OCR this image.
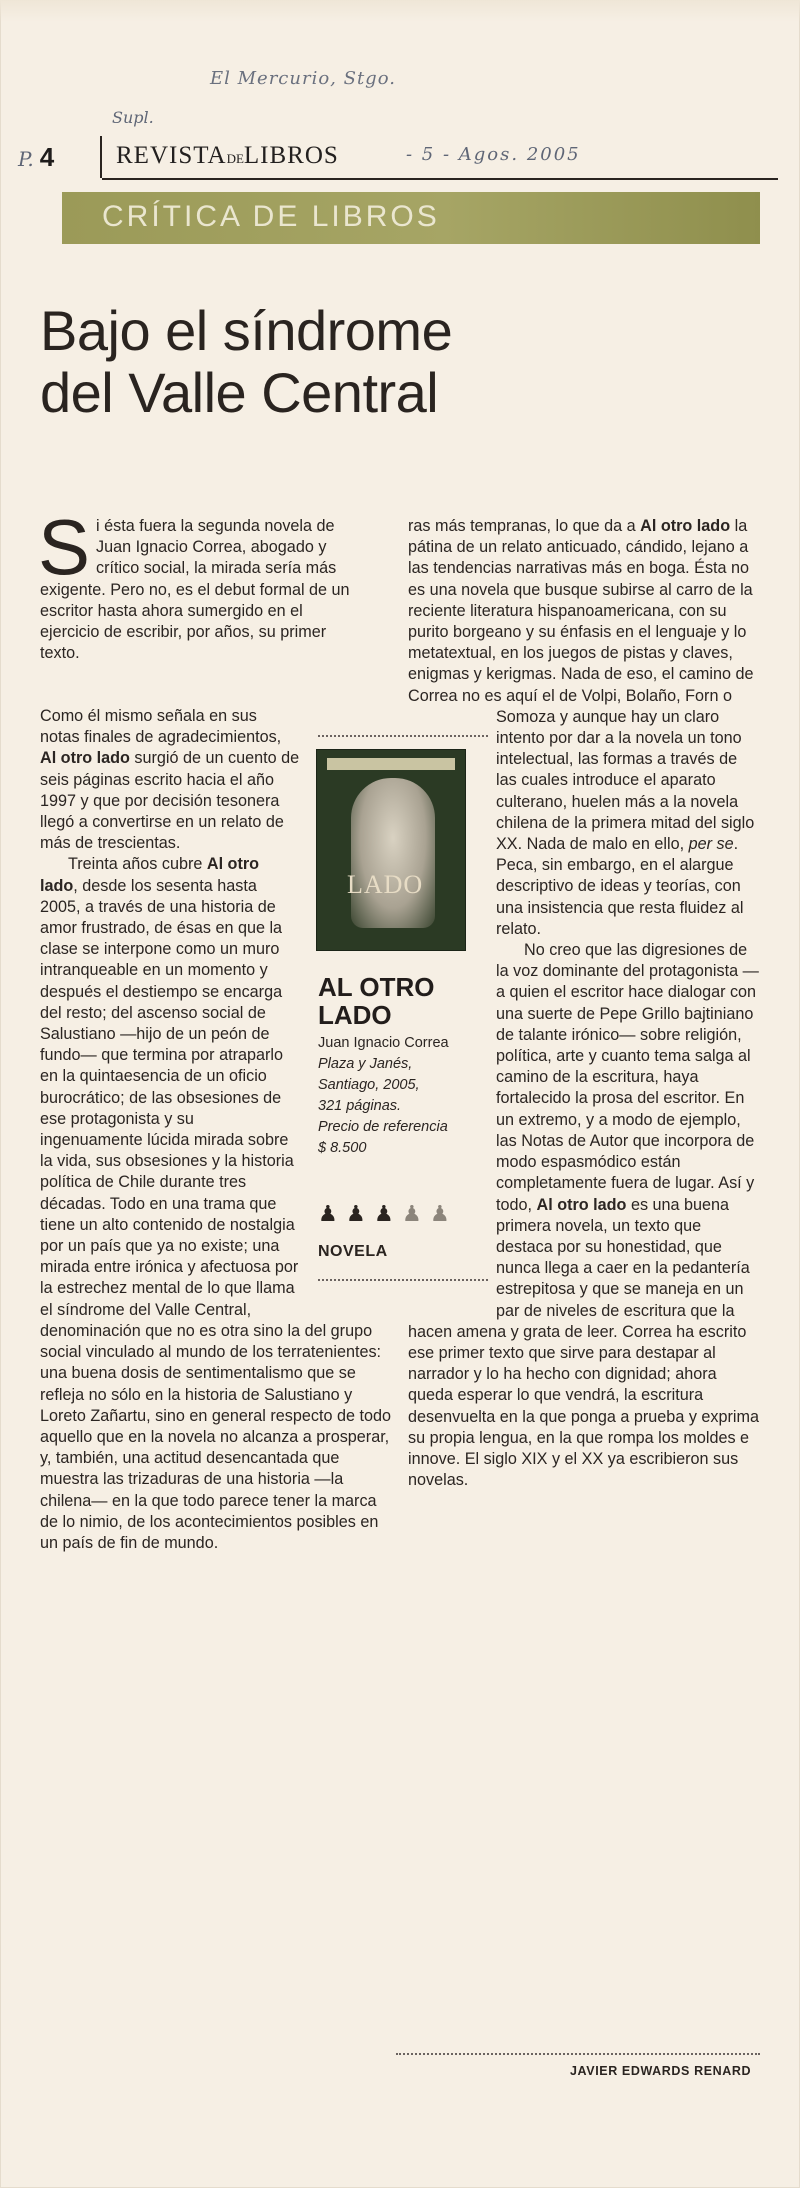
El Mercurio, Stgo.
Supl.
P. 4 REVISTADELIBROS	- 5 - Agos. 2005
CRÍTICA DE LIBROS
Bajo el síndrome
del Valle Central

Si ésta fuera la segunda novela de Juan Ignacio Correa, abogado y crítico social, la mirada sería más exigente. Pero no, es el debut formal de un escritor hasta ahora sumergido en el ejercicio de escribir, por años, su primer texto.

Como él mismo señala en sus notas finales de agradecimientos, Al otro lado surgió de un cuento de seis páginas escrito hacia el año 1997 y que por decisión tesonera llegó a convertirse en un relato de más de trescientas.

Treinta años cubre Al otro lado, desde los sesenta hasta 2005, a través de una historia de amor frustrado, de ésas en que la clase se interpone como un muro intranqueable en un momento y después el destiempo se encarga del resto; del ascenso social de Salustiano —hijo de un peón de fundo— que termina por atraparlo en la quintaesencia de un oficio burocrático; de las obsesiones de ese protagonista y su ingenuamente lúcida mirada sobre la vida, sus obsesiones y la historia política de Chile durante tres décadas. Todo en una trama que tiene un alto contenido de nostalgia por un país que ya no existe; una mirada entre irónica y afectuosa por la estrechez mental de lo que llama el síndrome del Valle Central, denominación que no es otra sino la del grupo social vinculado al mundo de los terratenientes: una buena dosis de sentimentalismo que se refleja no sólo en la historia de Salustiano y Loreto Zañartu, sino en general respecto de todo aquello que en la novela no alcanza a prosperar, y, también, una actitud desencantada que muestra las trizaduras de una historia —la chilena— en la que todo parece tener la marca de lo nimio, de los acontecimientos posibles en un país de fin de mundo.

LADO
AL OTRO
LADO
Juan Ignacio Correa
Plaza y Janés,
Santiago, 2005,
321 páginas.
Precio de referencia
$ 8.500
♟ ♟ ♟ ♟ ♟
NOVELA

ras más tempranas, lo que da a Al otro lado la pátina de un relato anticuado, cándido, lejano a las tendencias narrativas más en boga. Ésta no es una novela que busque subirse al carro de la reciente literatura hispanoamericana, con su purito borgeano y su énfasis en el lenguaje y lo metatextual, en los juegos de pistas y claves, enigmas y kerigmas. Nada de eso, el camino de Correa no es aquí el de Volpi, Bolaño, Forn o Somoza y aunque hay un claro intento por dar a la novela un tono intelectual, las formas a través de las cuales introduce el aparato culterano, huelen más a la novela chilena de la primera mitad del siglo XX. Nada de malo en ello, per se. Peca, sin embargo, en el alargue descriptivo de ideas y teorías, con una insistencia que resta fluidez al relato.

No creo que las digresiones de la voz dominante del protagonista —a quien el escritor hace dialogar con una suerte de Pepe Grillo bajtiniano de talante irónico— sobre religión, política, arte y cuanto tema salga al camino de la escritura, haya fortalecido la prosa del escritor. En un extremo, y a modo de ejemplo, las Notas de Autor que incorpora de modo espasmódico están completamente fuera de lugar. Así y todo, Al otro lado es una buena primera novela, un texto que destaca por su honestidad, que nunca llega a caer en la pedantería estrepitosa y que se maneja en un par de niveles de escritura que la hacen amena y grata de leer. Correa ha escrito ese primer texto que sirve para destapar al narrador y lo ha hecho con dignidad; ahora queda esperar lo que vendrá, la escritura desenvuelta en la que ponga a prueba y exprima su propia lengua, en la que rompa los moldes e innove. El siglo XIX y el XX ya escribieron sus novelas.

JAVIER EDWARDS RENARD
